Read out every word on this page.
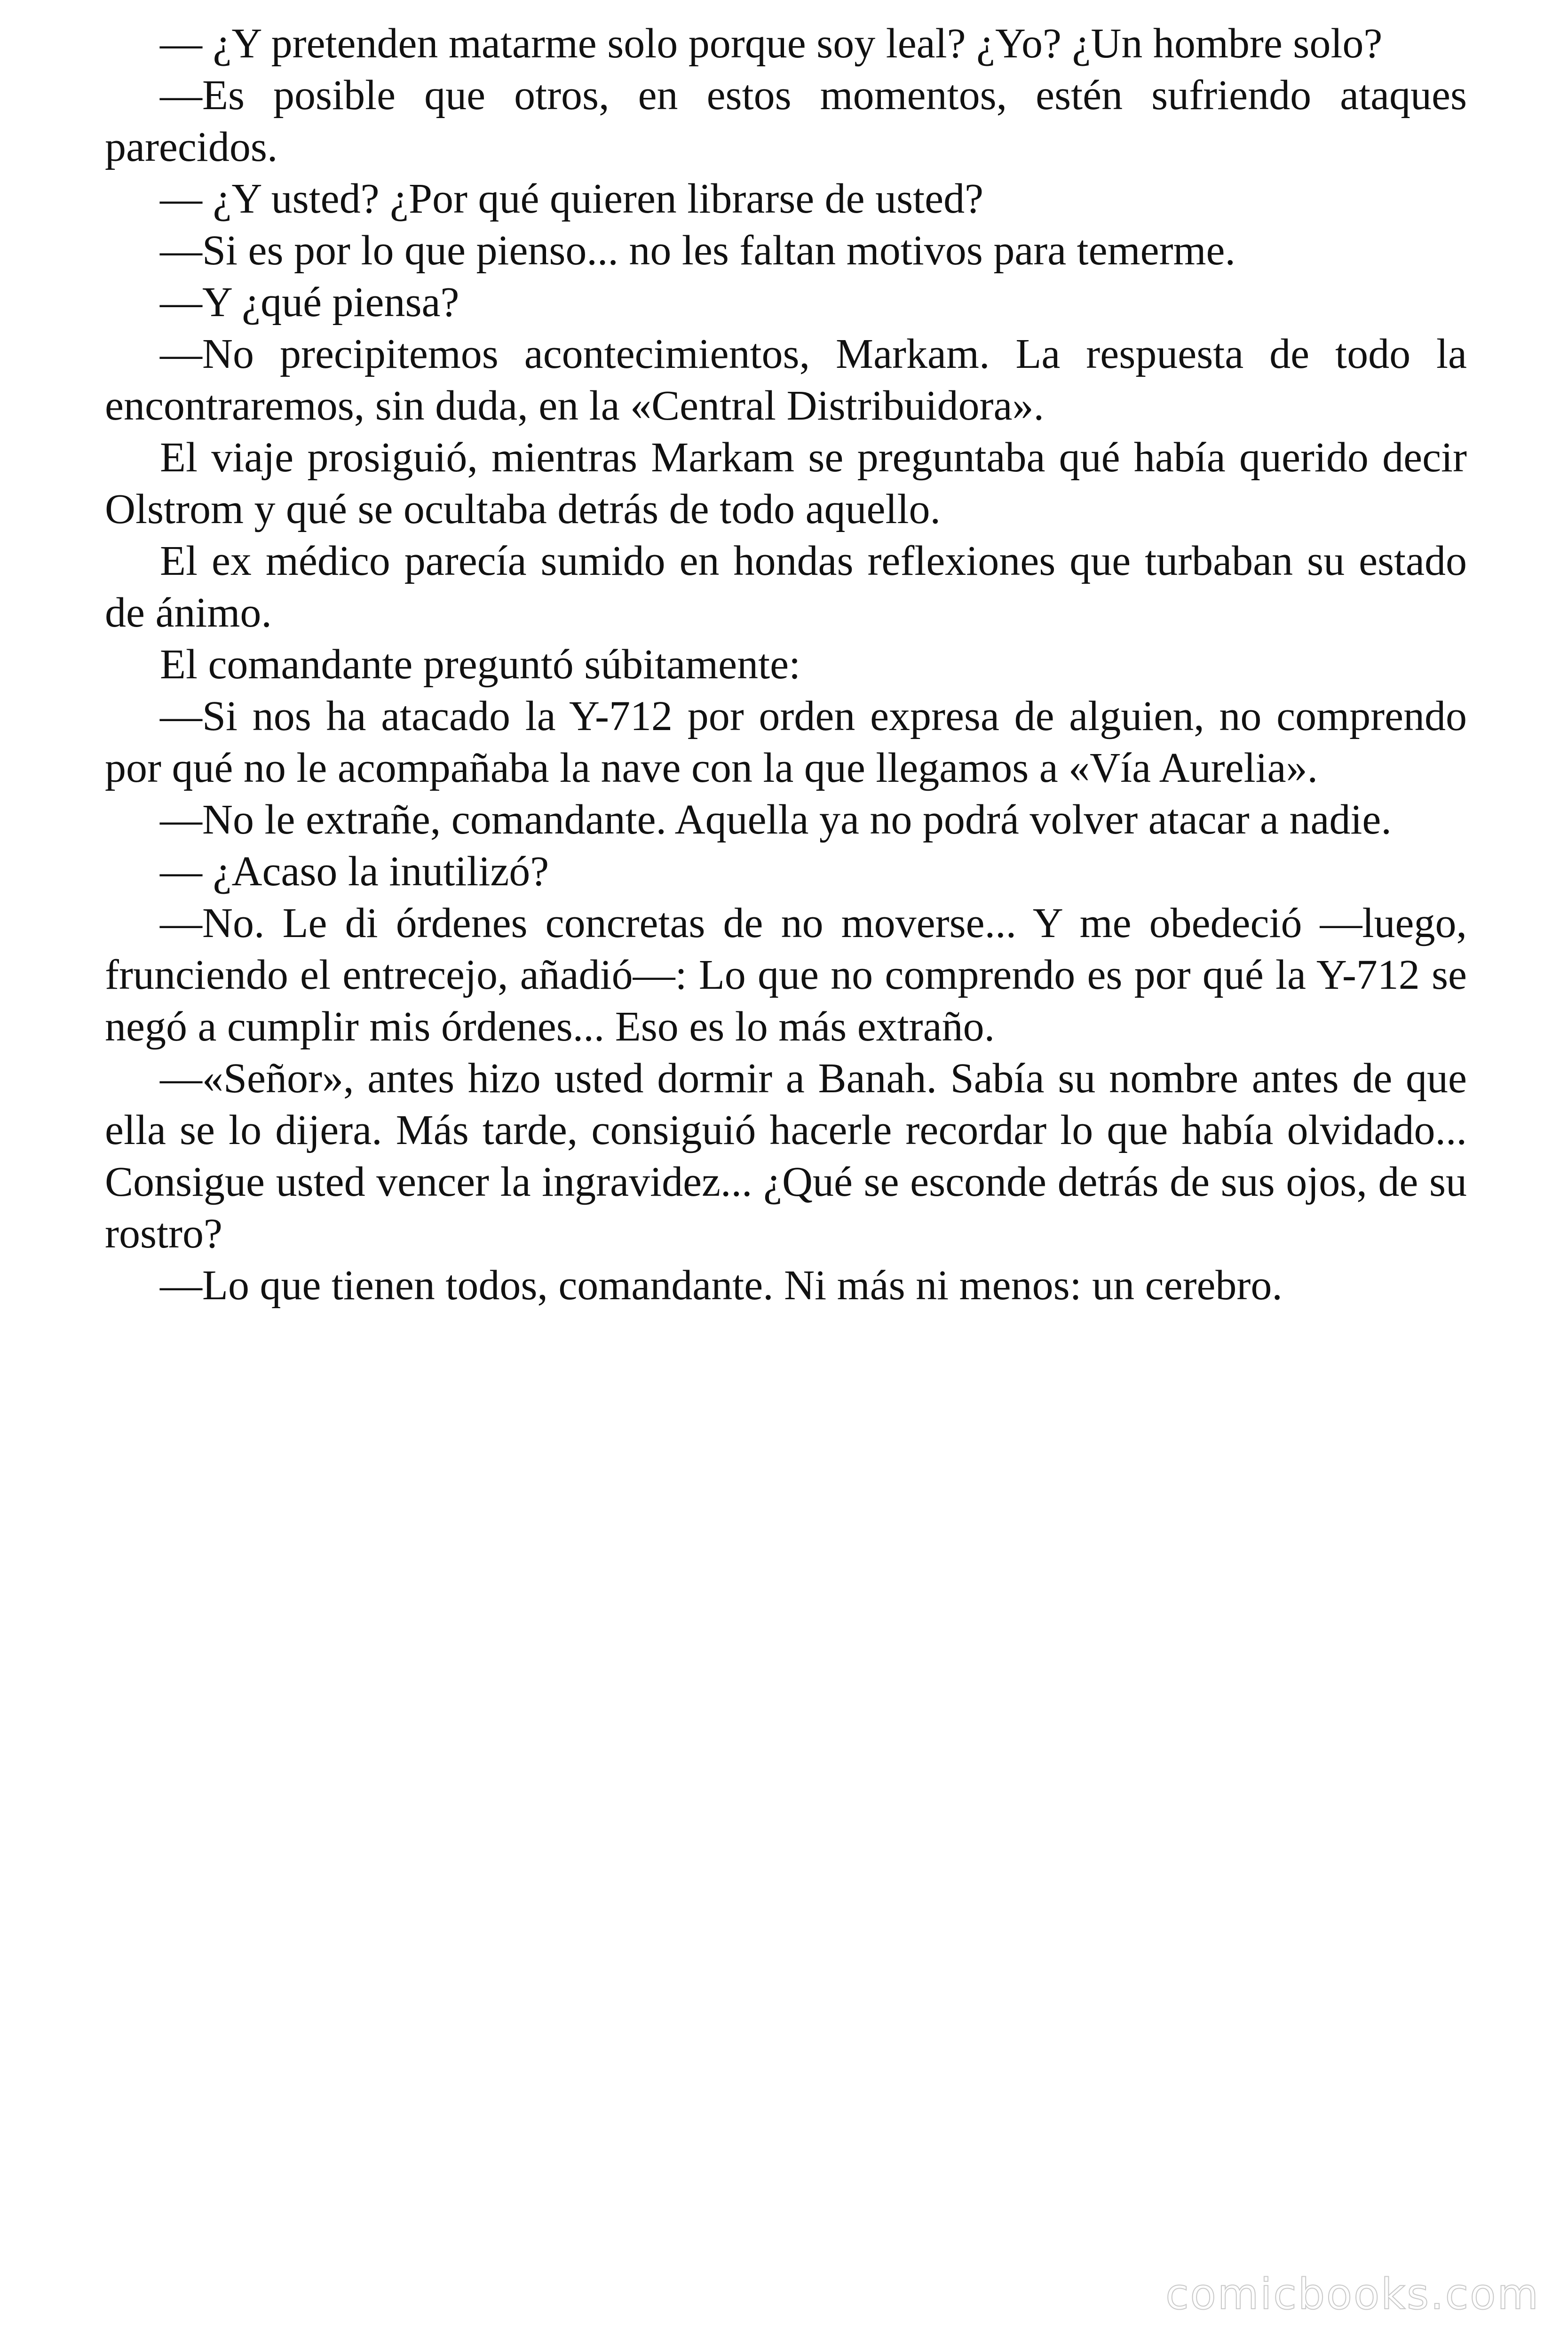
— ¿Y pretenden matarme solo porque soy leal? ¿Yo? ¿Un hombre solo?

—Es posible que otros, en estos momentos, estén sufriendo ataques parecidos.

— ¿Y usted? ¿Por qué quieren librarse de usted?

—Si es por lo que pienso... no les faltan motivos para temerme.

—Y ¿qué piensa?

—No precipitemos acontecimientos, Markam. La respuesta de todo la encontraremos, sin duda, en la «Central Distribuidora».

El viaje prosiguió, mientras Markam se preguntaba qué había querido decir Olstrom y qué se ocultaba detrás de todo aquello.

El ex médico parecía sumido en hondas reflexiones que turbaban su estado de ánimo.

El comandante preguntó súbitamente:

—Si nos ha atacado la Y-712 por orden expresa de alguien, no comprendo por qué no le acompañaba la nave con la que llegamos a «Vía Aurelia».

—No le extrañe, comandante. Aquella ya no podrá volver atacar a nadie.

— ¿Acaso la inutilizó?

—No. Le di órdenes concretas de no moverse... Y me obedeció —luego, frunciendo el entrecejo, añadió—: Lo que no comprendo es por qué la Y-712 se negó a cumplir mis órdenes... Eso es lo más extraño.

—«Señor», antes hizo usted dormir a Banah. Sabía su nombre antes de que ella se lo dijera. Más tarde, consiguió hacerle recordar lo que había olvidado... Consigue usted vencer la ingravidez... ¿Qué se esconde detrás de sus ojos, de su rostro?

—Lo que tienen todos, comandante. Ni más ni menos: un cerebro.

comicbooks.com
